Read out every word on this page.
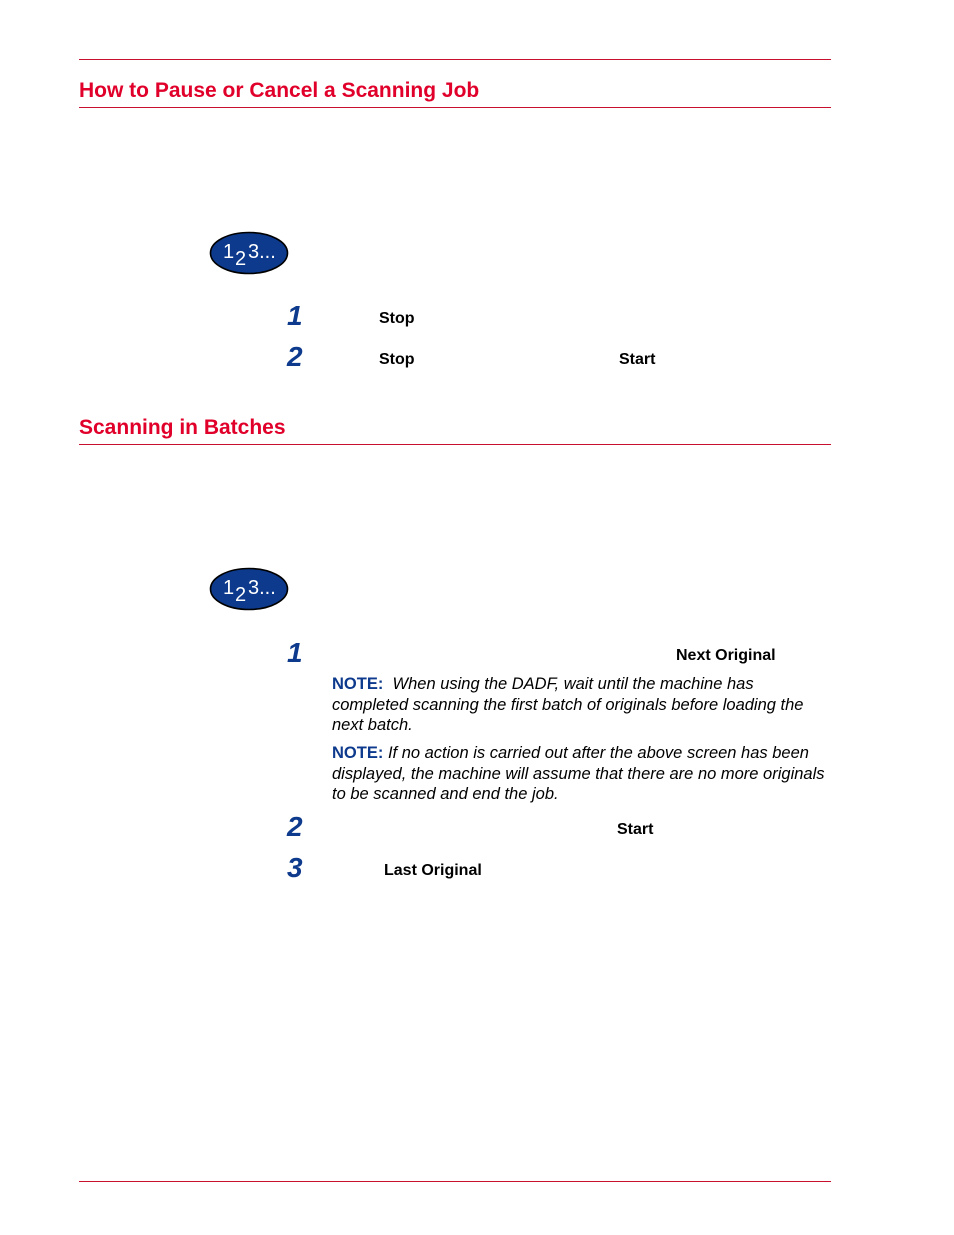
How to Pause or Cancel a Scanning Job
1 2 3...
1	Stop
2	Stop	Start
Scanning in Batches
1 2 3...
1	Next Original

NOTE: When using the DADF, wait until the machine has completed scanning the first batch of originals before loading the next batch.

NOTE: If no action is carried out after the above screen has been displayed, the machine will assume that there are no more originals to be scanned and end the job.

2	Start
3	Last Original
